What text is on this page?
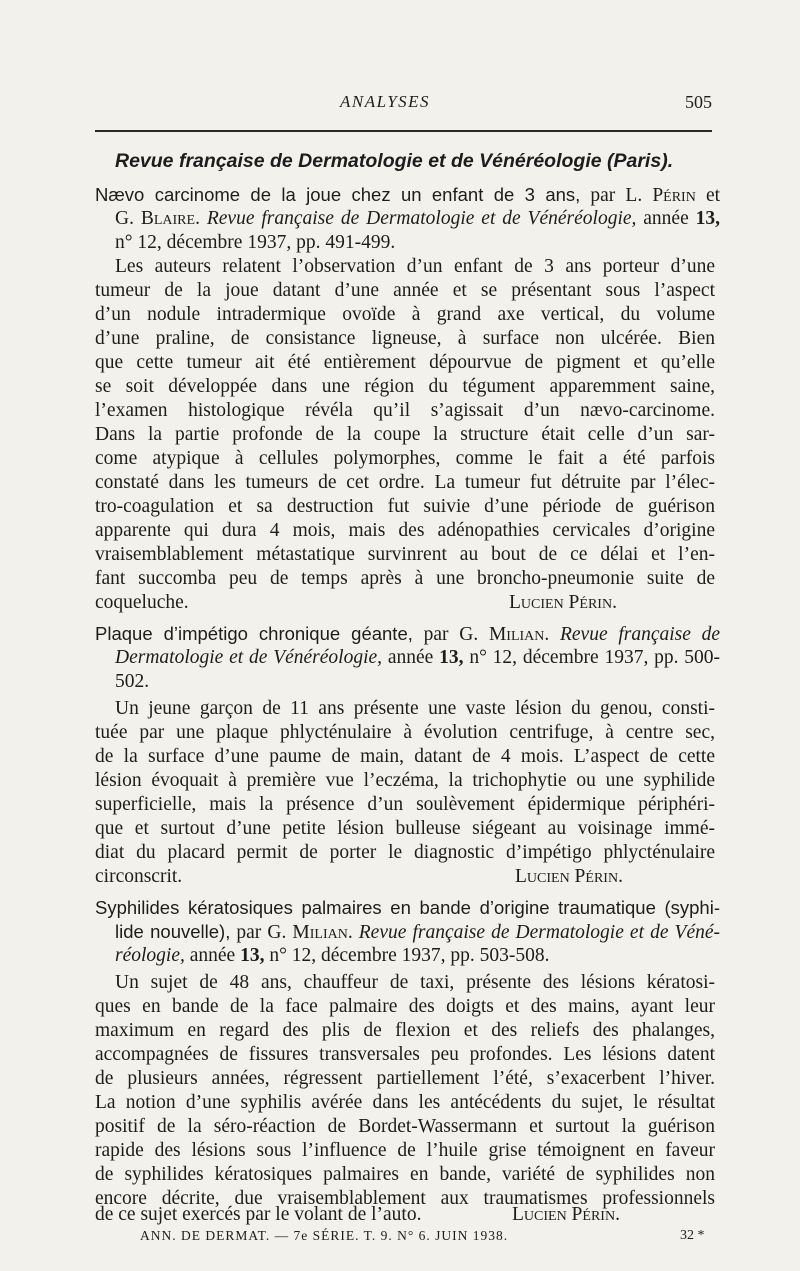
ANALYSES	505
Revue française de Dermatologie et de Vénéréologie (Paris).
Nævo carcinome de la joue chez un enfant de 3 ans, par L. Périn et
G. Blaire. Revue française de Dermatologie et de Vénéréologie, année 13,
n° 12, décembre 1937, pp. 491-499.
Les auteurs relatent l’observation d’un enfant de 3 ans porteur d’une
tumeur de la joue datant d’une année et se présentant sous l’aspect
d’un nodule intradermique ovoïde à grand axe vertical, du volume
d’une praline, de consistance ligneuse, à surface non ulcérée. Bien
que cette tumeur ait été entièrement dépourvue de pigment et qu’elle
se soit développée dans une région du tégument apparemment saine,
l’examen histologique révéla qu’il s’agissait d’un nævo-carcinome.
Dans la partie profonde de la coupe la structure était celle d’un sar-
come atypique à cellules polymorphes, comme le fait a été parfois
constaté dans les tumeurs de cet ordre. La tumeur fut détruite par l’élec-
tro-coagulation et sa destruction fut suivie d’une période de guérison
apparente qui dura 4 mois, mais des adénopathies cervicales d’origine
vraisemblablement métastatique survinrent au bout de ce délai et l’en-
fant succomba peu de temps après à une broncho-pneumonie suite de
coqueluche.	Lucien Périn.
Plaque d’impétigo chronique géante, par G. Milian. Revue française de
Dermatologie et de Vénéréologie, année 13, n° 12, décembre 1937, pp. 500-
502.
Un jeune garçon de 11 ans présente une vaste lésion du genou, consti-
tuée par une plaque phlycténulaire à évolution centrifuge, à centre sec,
de la surface d’une paume de main, datant de 4 mois. L’aspect de cette
lésion évoquait à première vue l’eczéma, la trichophytie ou une syphilide
superficielle, mais la présence d’un soulèvement épidermique périphéri-
que et surtout d’une petite lésion bulleuse siégeant au voisinage immé-
diat du placard permit de porter le diagnostic d’impétigo phlycténulaire
circonscrit.	Lucien Périn.
Syphilides kératosiques palmaires en bande d’origine traumatique (syphi-
lide nouvelle), par G. Milian. Revue française de Dermatologie et de Véné-
réologie, année 13, n° 12, décembre 1937, pp. 503-508.
Un sujet de 48 ans, chauffeur de taxi, présente des lésions kératosi-
ques en bande de la face palmaire des doigts et des mains, ayant leur
maximum en regard des plis de flexion et des reliefs des phalanges,
accompagnées de fissures transversales peu profondes. Les lésions datent
de plusieurs années, régressent partiellement l’été, s’exacerbent l’hiver.
La notion d’une syphilis avérée dans les antécédents du sujet, le résultat
positif de la séro-réaction de Bordet-Wassermann et surtout la guérison
rapide des lésions sous l’influence de l’huile grise témoignent en faveur
de syphilides kératosiques palmaires en bande, variété de syphilides non
encore décrite, due vraisemblablement aux traumatismes professionnels
de ce sujet exercés par le volant de l’auto.	Lucien Périn.
ANN. DE DERMAT. — 7e SÉRIE. T. 9. N° 6. JUIN 1938.	32 *
